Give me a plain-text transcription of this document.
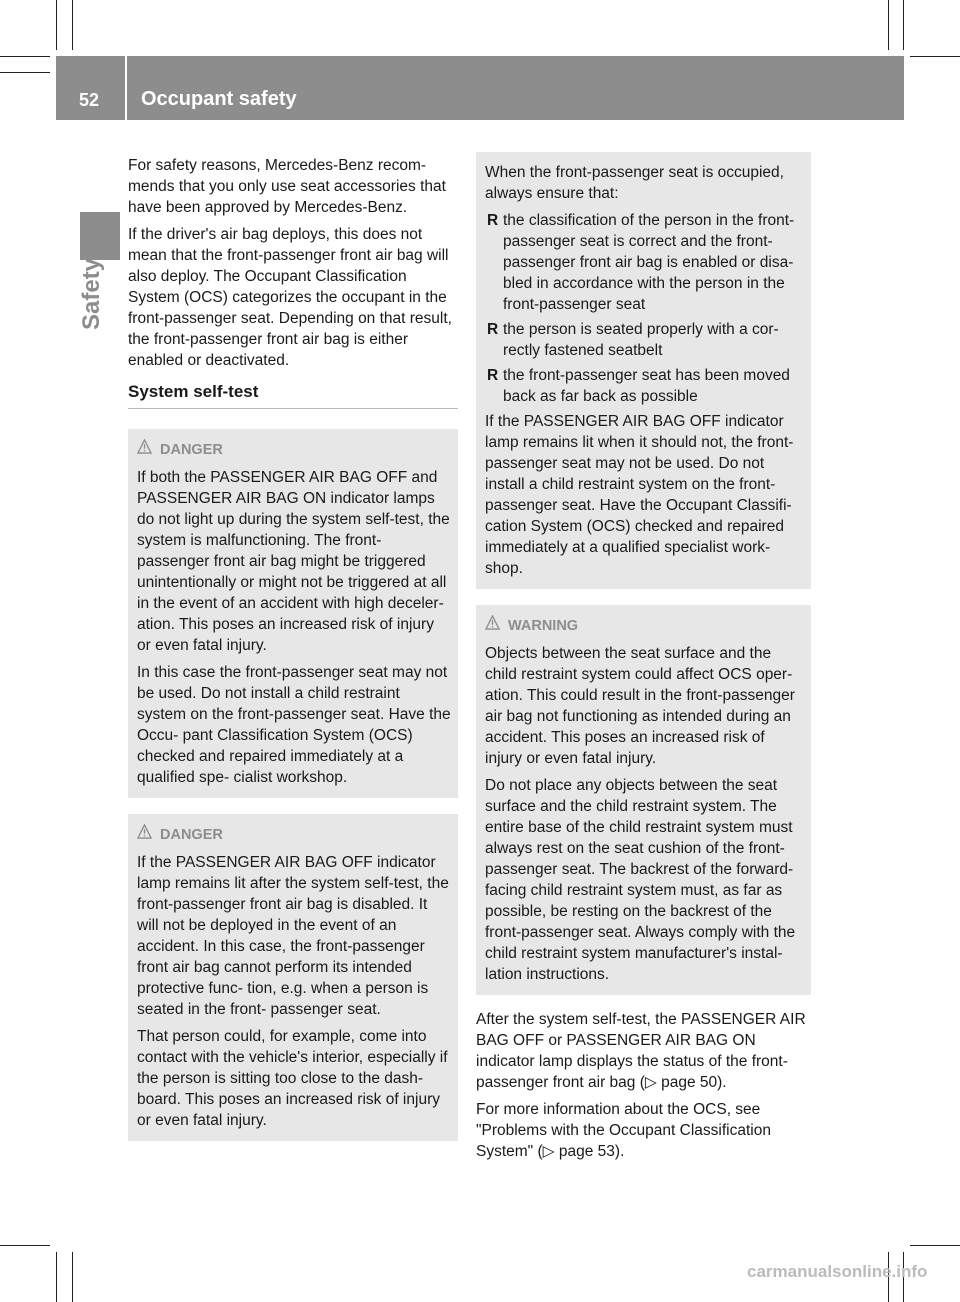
52	Occupant safety
Safety

For safety reasons, Mercedes-Benz recom- mends that you only use seat accessories that have been approved by Mercedes-Benz.

If the driver's air bag deploys, this does not mean that the front-passenger front air bag will also deploy. The Occupant Classification System (OCS) categorizes the occupant in the front-passenger seat. Depending on that result, the front-passenger front air bag is either enabled or deactivated.

System self-test
DANGER

If both the PASSENGER AIR BAG OFF and PASSENGER AIR BAG ON indicator lamps do not light up during the system self-test, the system is malfunctioning. The front- passenger front air bag might be triggered unintentionally or might not be triggered at all in the event of an accident with high deceler- ation. This poses an increased risk of injury or even fatal injury.

In this case the front-passenger seat may not be used. Do not install a child restraint system on the front-passenger seat. Have the Occu- pant Classification System (OCS) checked and repaired immediately at a qualified spe- cialist workshop.

DANGER

If the PASSENGER AIR BAG OFF indicator lamp remains lit after the system self-test, the front-passenger front air bag is disabled. It will not be deployed in the event of an accident. In this case, the front-passenger front air bag cannot perform its intended protective func- tion, e.g. when a person is seated in the front- passenger seat.

That person could, for example, come into contact with the vehicle's interior, especially if the person is sitting too close to the dash- board. This poses an increased risk of injury or even fatal injury.

When the front-passenger seat is occupied, always ensure that:

R the classification of the person in the front- passenger seat is correct and the front- passenger front air bag is enabled or disa- bled in accordance with the person in the front-passenger seat
R the person is seated properly with a cor- rectly fastened seatbelt
R the front-passenger seat has been moved back as far back as possible

If the PASSENGER AIR BAG OFF indicator lamp remains lit when it should not, the front- passenger seat may not be used. Do not install a child restraint system on the front- passenger seat. Have the Occupant Classifi- cation System (OCS) checked and repaired immediately at a qualified specialist work- shop.

WARNING

Objects between the seat surface and the child restraint system could affect OCS oper- ation. This could result in the front-passenger air bag not functioning as intended during an accident. This poses an increased risk of injury or even fatal injury.

Do not place any objects between the seat surface and the child restraint system. The entire base of the child restraint system must always rest on the seat cushion of the front- passenger seat. The backrest of the forward- facing child restraint system must, as far as possible, be resting on the backrest of the front-passenger seat. Always comply with the child restraint system manufacturer's instal- lation instructions.

After the system self-test, the PASSENGER AIR BAG OFF or PASSENGER AIR BAG ON indicator lamp displays the status of the front- passenger front air bag (▷ page 50).

For more information about the OCS, see "Problems with the Occupant Classification System" (▷ page 53).

carmanualsonline.info
